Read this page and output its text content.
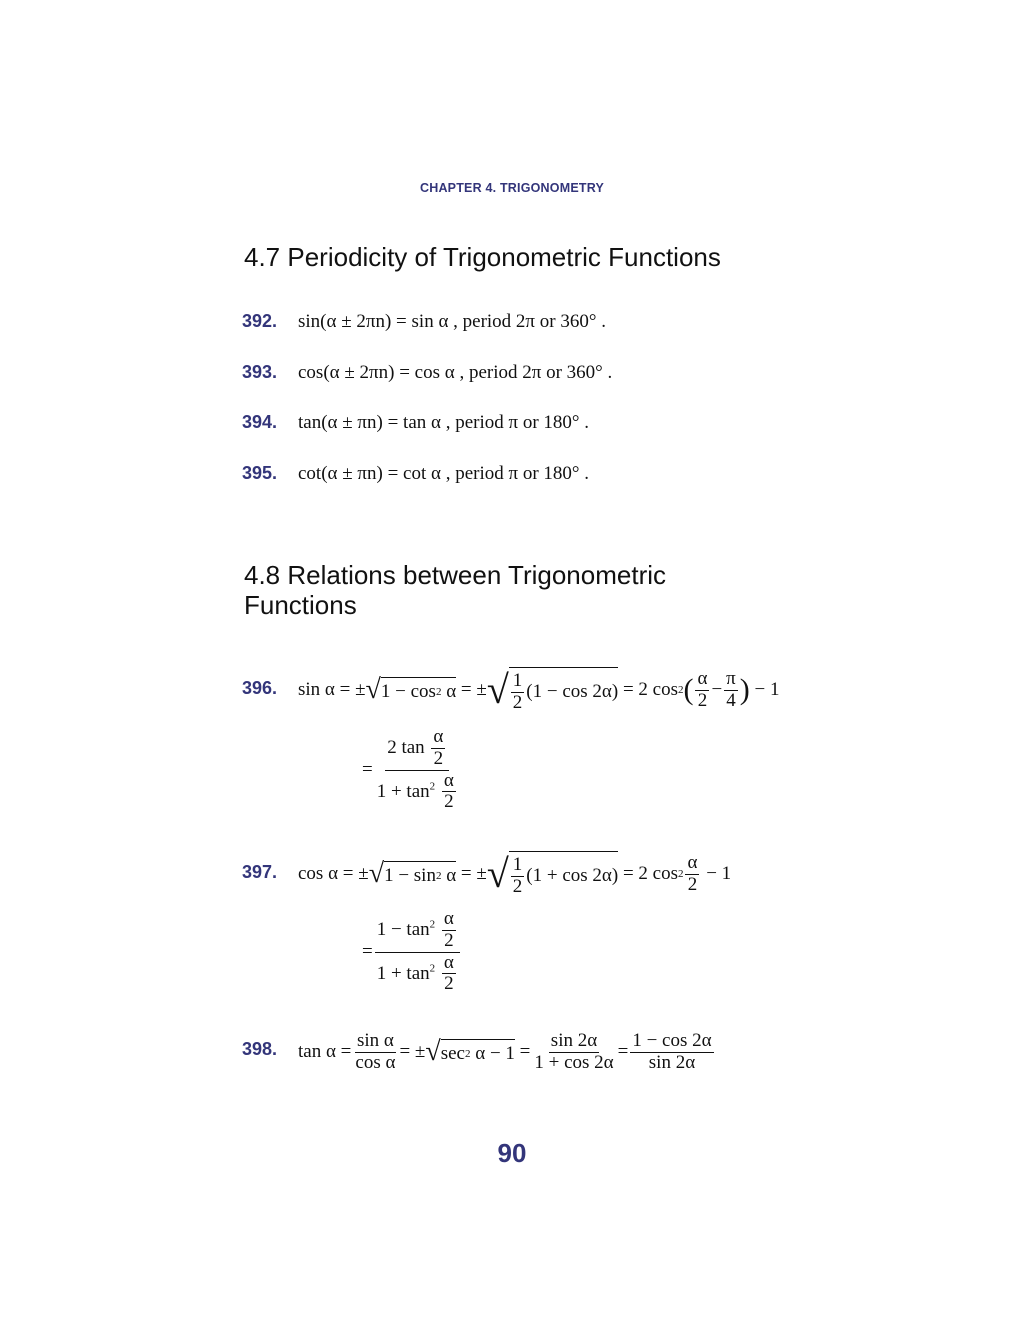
CHAPTER 4. TRIGONOMETRY
4.7 Periodicity of Trigonometric Functions
392. sin(α ± 2πn) = sin α , period 2π or 360° .
393. cos(α ± 2πn) = cos α , period 2π or 360° .
394. tan(α ± πn) = tan α , period π or 180° .
395. cot(α ± πn) = cot α , period π or 180° .
4.8 Relations between Trigonometric
Functions
396. sin α = ± √ 1 − cos 2 α = ± √ 1
2 (1 − cos 2α) = 2 cos 2 ( α
2 −
π
4 ) − 1
=
2 $\tan \frac{\alpha}{2}$
$1 + \tan^2 \frac{\alpha}{2}$
397. cos α = ± √ 1 − sin 2 α = ± √ 1
2 (1 + cos 2α) = 2 cos 2
α
2 − 1
=
$1 - \tan^2 \frac{\alpha}{2}$
$1 + \tan^2 \frac{\alpha}{2}$
398. tan α =
sin α
cos α = ± √ sec 2 α − 1 =
sin 2α
1 + cos 2α =
1 − cos 2α
sin 2α
90
